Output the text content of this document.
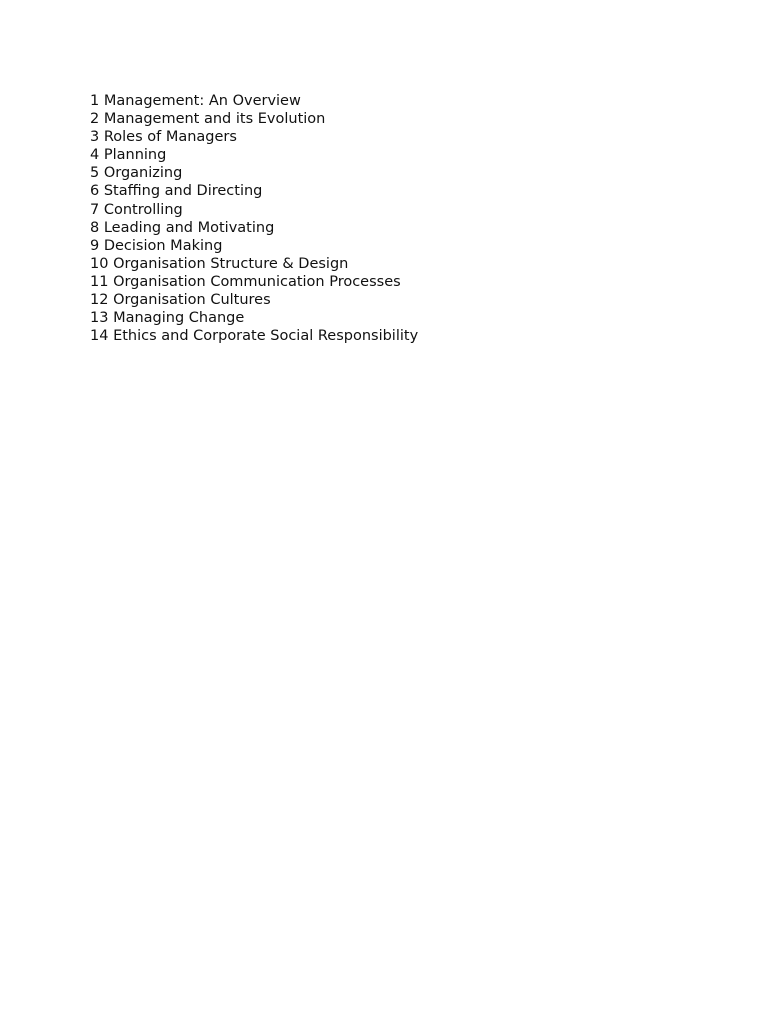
1 Management: An Overview
2 Management and its Evolution
3 Roles of Managers
4 Planning
5 Organizing
6 Staffing and Directing
7 Controlling
8 Leading and Motivating
9 Decision Making
10 Organisation Structure & Design
11 Organisation Communication Processes
12 Organisation Cultures
13 Managing Change
14 Ethics and Corporate Social Responsibility
